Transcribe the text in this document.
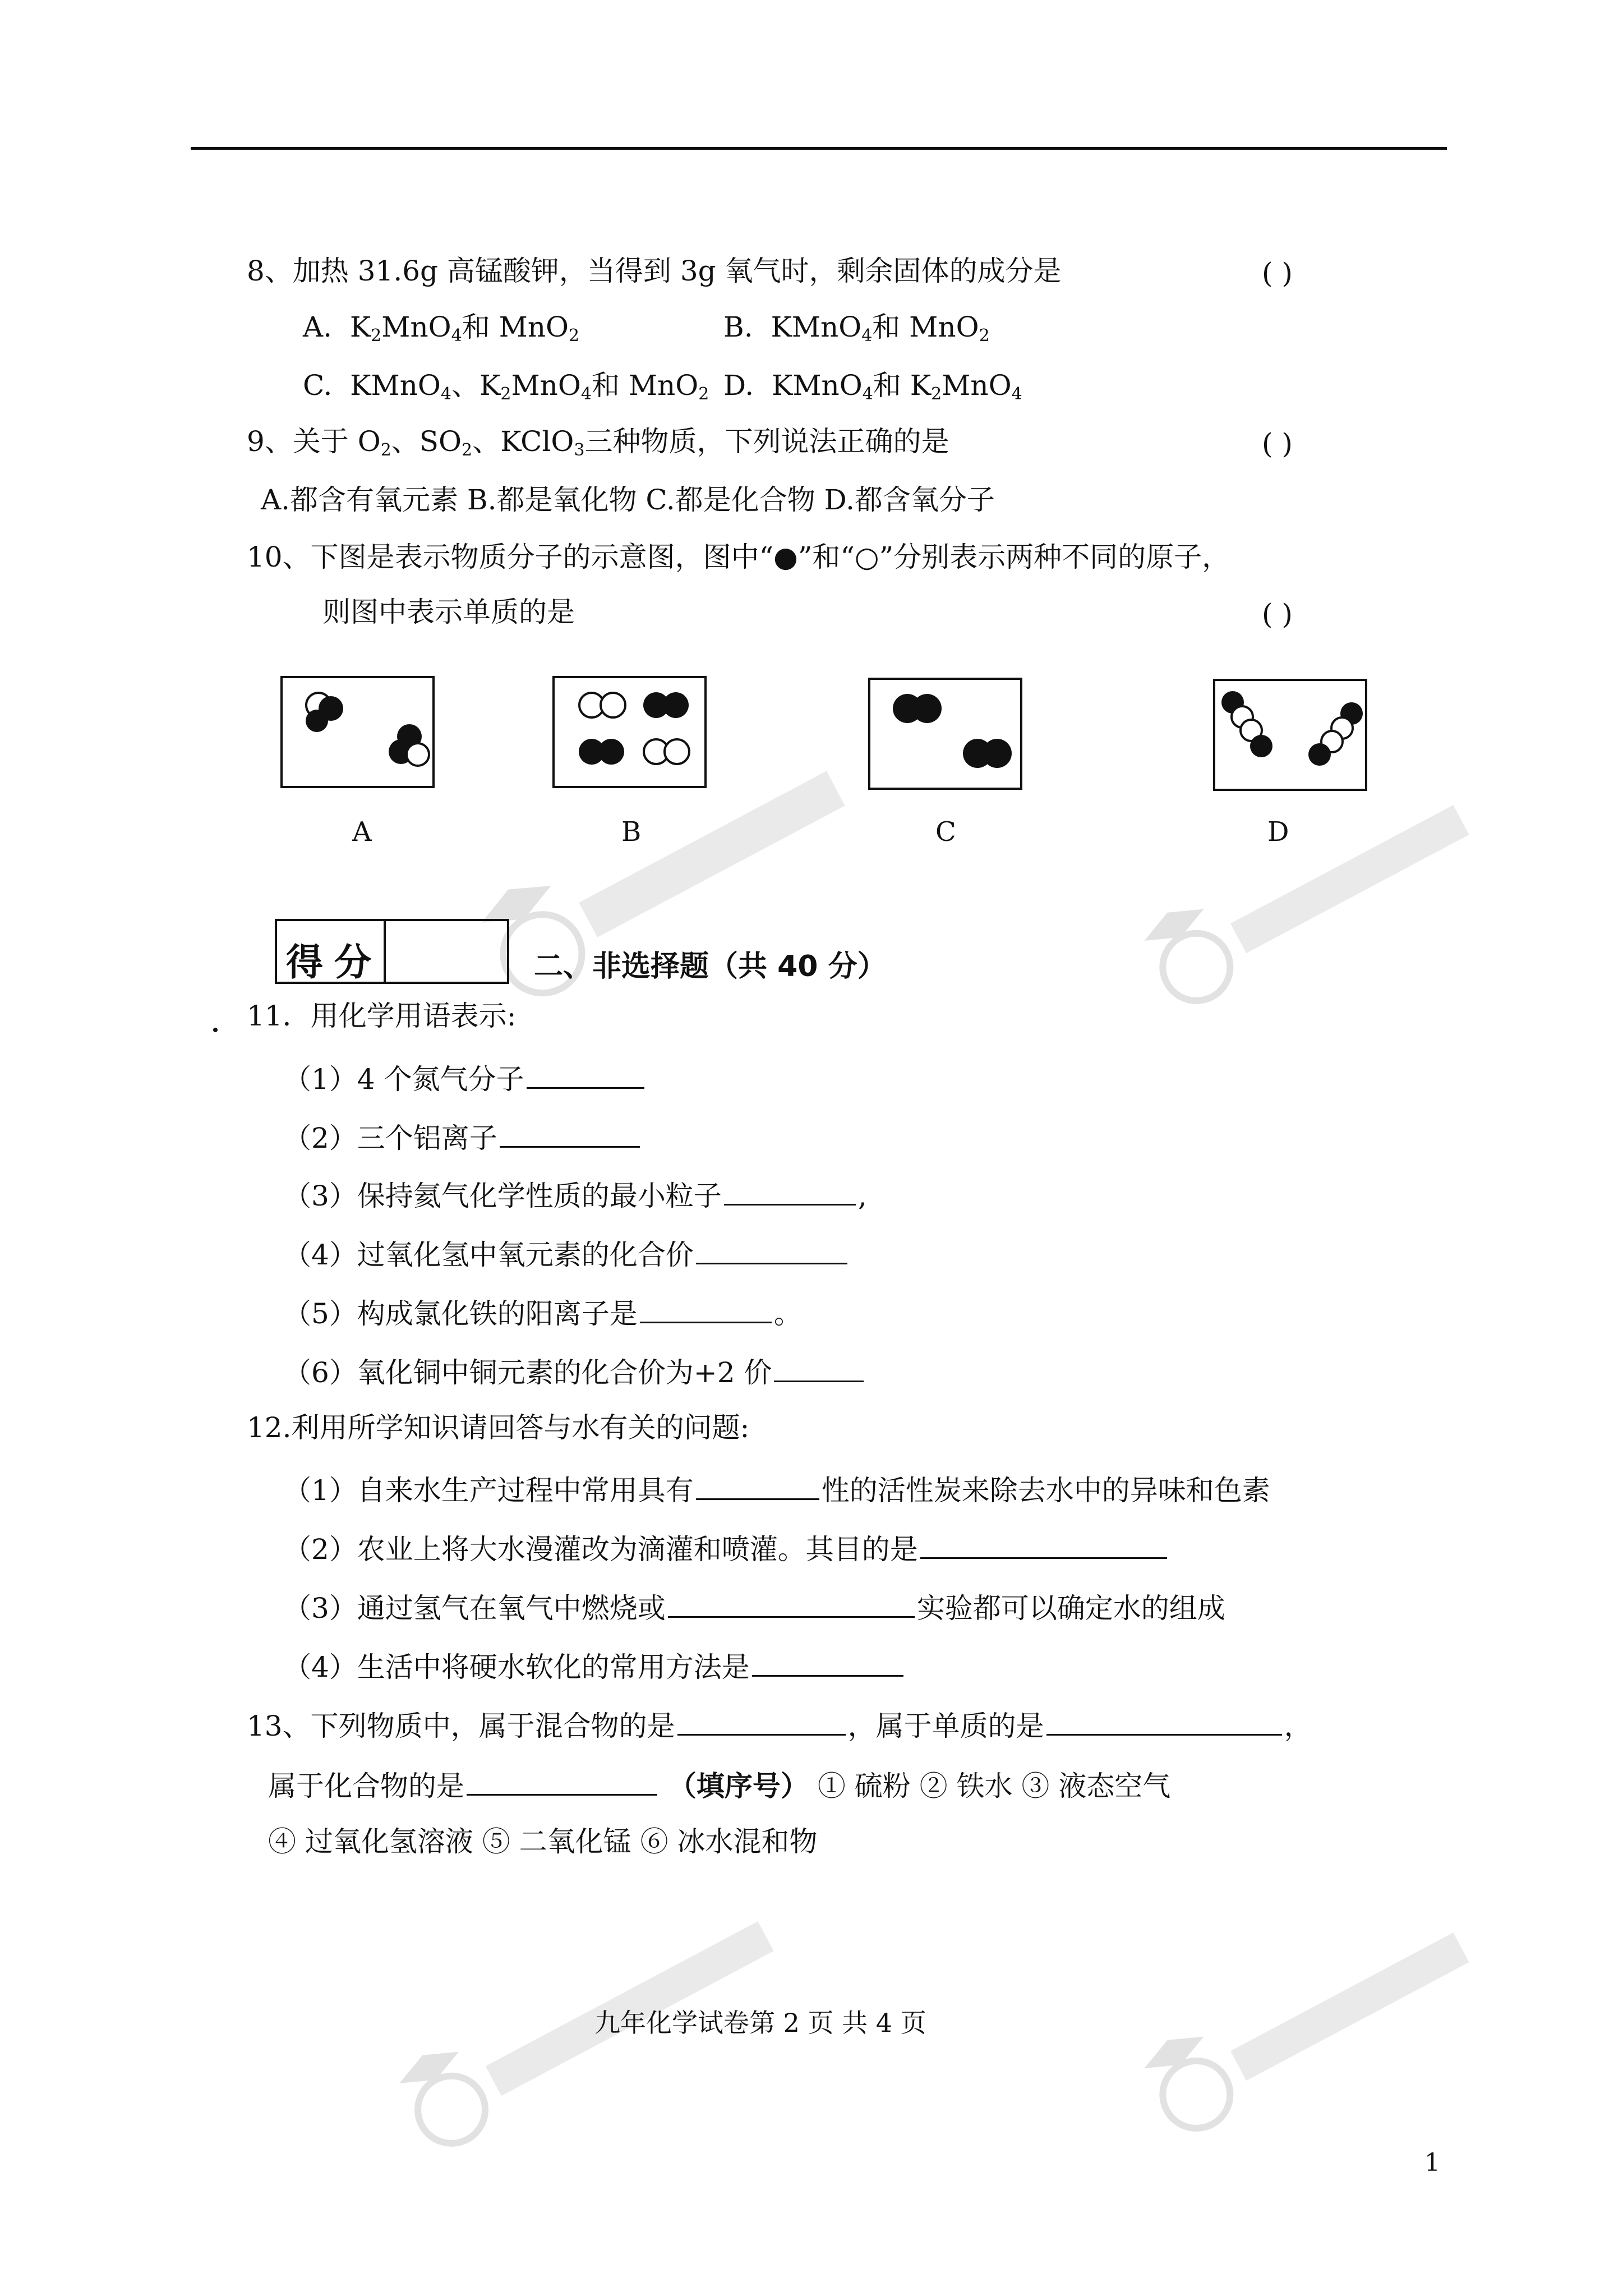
8、加热 31.6g 高锰酸钾，当得到 3g 氧气时，剩余固体的成分是	( )
A. $K_2MnO_4$和 MnO$_2$	B. KMnO$_4$和 MnO$_2$
C. KMnO$_4$、$K_2MnO_4$和 MnO$_2$ D. KMnO$_4$和 $K_2MnO_4$
9、关于 $O_2$、$SO_2$、KClO$_3$三种物质，下列说法正确的是	( )
A.都含有氧元素 B.都是氧化物 C.都是化合物 D.都含氧分子
10、下图是表示物质分子的示意图，图中“●”和“○”分别表示两种不同的原子，
则图中表示单质的是	( )
A	B	C	D
得分	二、非选择题（共 40 分）
11．用化学用语表示:
（1）4 个氮气分子
（2）三个铝离子
（3）保持氦气化学性质的最小粒子	,
（4）过氧化氢中氧元素的化合价
（5）构成氯化铁的阳离子是	。
（6）氧化铜中铜元素的化合价为+2 价
12.利用所学知识请回答与水有关的问题:
（1）自来水生产过程中常用具有	性的活性炭来除去水中的异味和色素
（2）农业上将大水漫灌改为滴灌和喷灌。其目的是
（3）通过氢气在氧气中燃烧或	实验都可以确定水的组成
（4）生活中将硬水软化的常用方法是
13、下列物质中，属于混合物的是	，属于单质的是	，
属于化合物的是	（填序号） ① 硫粉 ② 铁水 ③ 液态空气
④ 过氧化氢溶液 ⑤ 二氧化锰 ⑥ 冰水混和物
九年化学试卷第 2 页 共 4 页
1
